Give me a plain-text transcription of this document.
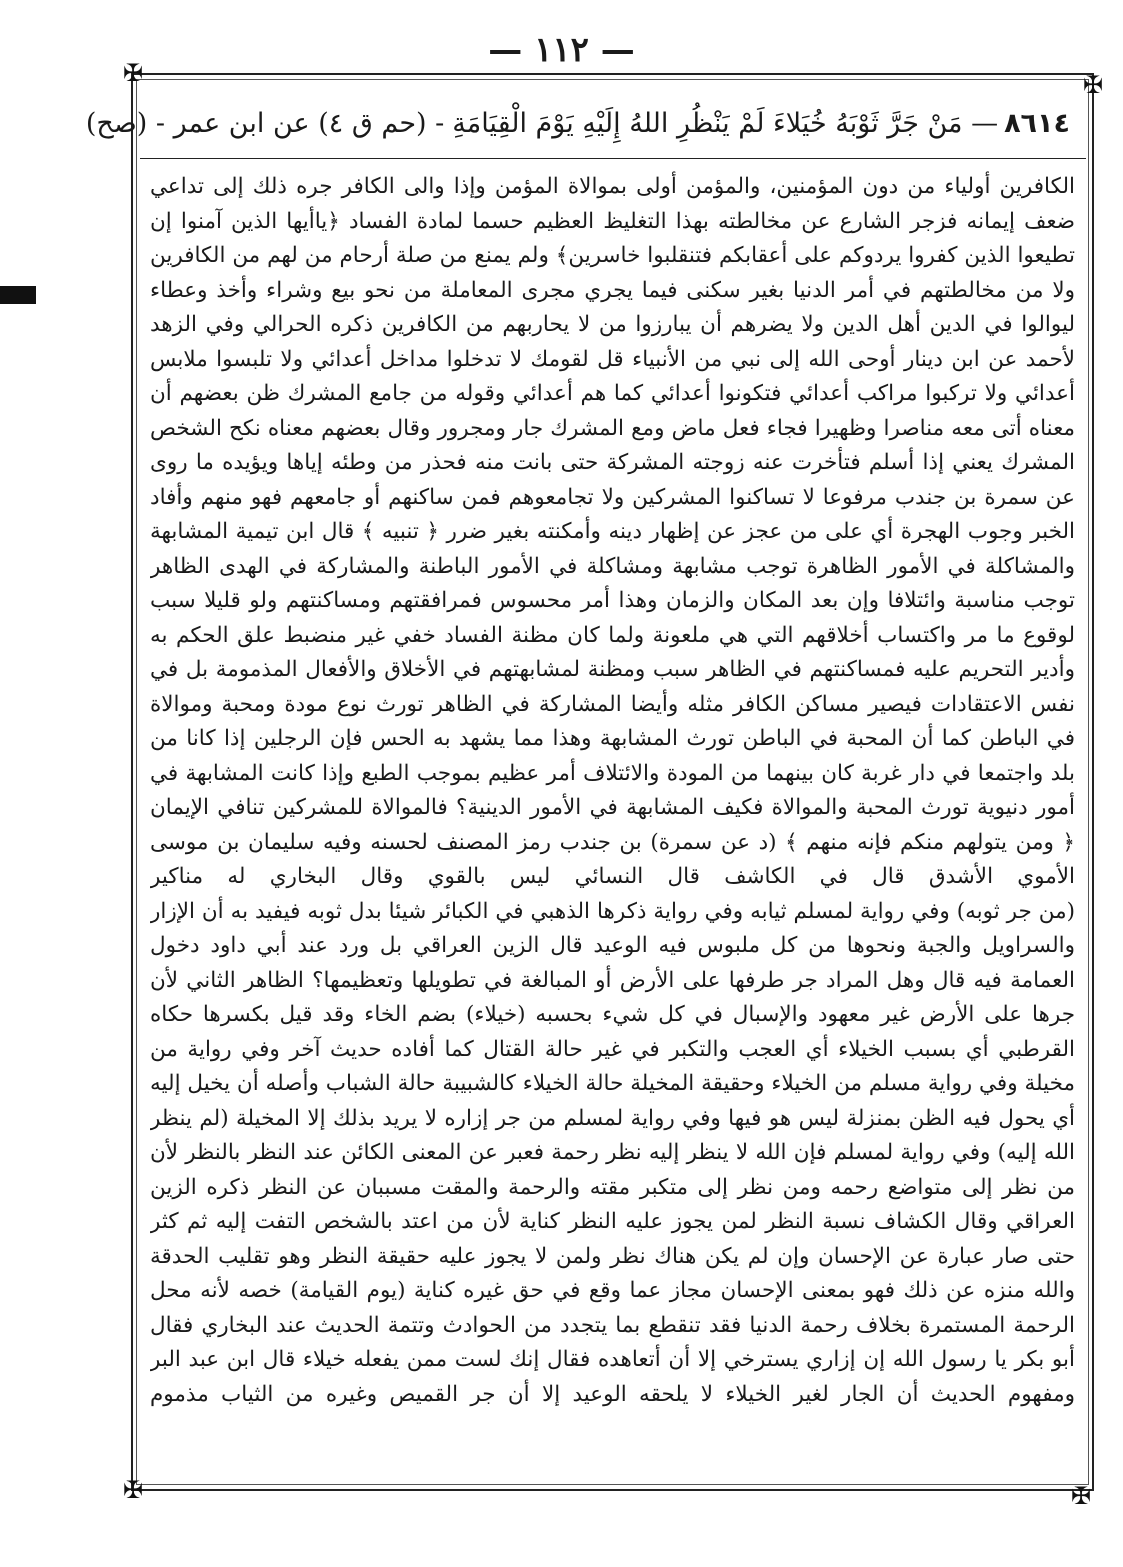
— ١١٢ —
✠	✠
✠	✠
٨٦١٤— مَنْ جَرَّ ثَوْبَهُ خُيَلاءَ لَمْ يَنْظُرِ اللهُ إِلَيْهِ يَوْمَ الْقِيَامَةِ- (حم ق ٤) عن ابن عمر - (صح)

الكافرين أولياء من دون المؤمنين، والمؤمن أولى بموالاة المؤمن وإذا والى الكافر جره ذلك إلى تداعي ضعف إيمانه فزجر الشارع عن مخالطته بهذا التغليظ العظيم حسما لمادة الفساد ﴿ياأيها الذين آمنوا إن تطيعوا الذين كفروا يردوكم على أعقابكم فتنقلبوا خاسرين﴾ ولم يمنع من صلة أرحام من لهم من الكافرين ولا من مخالطتهم في أمر الدنيا بغير سكنى فيما يجري مجرى المعاملة من نحو بيع وشراء وأخذ وعطاء ليوالوا في الدين أهل الدين ولا يضرهم أن يبارزوا من لا يحاربهم من الكافرين ذكره الحرالي وفي الزهد لأحمد عن ابن دينار أوحى الله إلى نبي من الأنبياء قل لقومك لا تدخلوا مداخل أعدائي ولا تلبسوا ملابس أعدائي ولا تركبوا مراكب أعدائي فتكونوا أعدائي كما هم أعدائي وقوله من جامع المشرك ظن بعضهم أن معناه أتى معه مناصرا وظهيرا فجاء فعل ماض ومع المشرك جار ومجرور وقال بعضهم معناه نكح الشخص المشرك يعني إذا أسلم فتأخرت عنه زوجته المشركة حتى بانت منه فحذر من وطئه إياها ويؤيده ما روى عن سمرة بن جندب مرفوعا لا تساكنوا المشركين ولا تجامعوهم فمن ساكنهم أو جامعهم فهو منهم وأفاد الخبر وجوب الهجرة أي على من عجز عن إظهار دينه وأمكنته بغير ضرر ﴿ تنبيه ﴾ قال ابن تيمية المشابهة والمشاكلة في الأمور الظاهرة توجب مشابهة ومشاكلة في الأمور الباطنة والمشاركة في الهدى الظاهر توجب مناسبة وائتلافا وإن بعد المكان والزمان وهذا أمر محسوس فمرافقتهم ومساكنتهم ولو قليلا سبب لوقوع ما مر واكتساب أخلاقهم التي هي ملعونة ولما كان مظنة الفساد خفي غير منضبط علق الحكم به وأدير التحريم عليه فمساكنتهم في الظاهر سبب ومظنة لمشابهتهم في الأخلاق والأفعال المذمومة بل في نفس الاعتقادات فيصير مساكن الكافر مثله وأيضا المشاركة في الظاهر تورث نوع مودة ومحبة وموالاة في الباطن كما أن المحبة في الباطن تورث المشابهة وهذا مما يشهد به الحس فإن الرجلين إذا كانا من بلد واجتمعا في دار غربة كان بينهما من المودة والائتلاف أمر عظيم بموجب الطبع وإذا كانت المشابهة في أمور دنيوية تورث المحبة والموالاة فكيف المشابهة في الأمور الدينية؟ فالموالاة للمشركين تنافي الإيمان ﴿ ومن يتولهم منكم فإنه منهم ﴾ (د عن سمرة) بن جندب رمز المصنف لحسنه وفيه سليمان بن موسى الأموي الأشدق قال في الكاشف قال النسائي ليس بالقوي وقال البخاري له مناكير

(من جر ثوبه) وفي رواية لمسلم ثيابه وفي رواية ذكرها الذهبي في الكبائر شيئا بدل ثوبه فيفيد به أن الإزار والسراويل والجبة ونحوها من كل ملبوس فيه الوعيد قال الزين العراقي بل ورد عند أبي داود دخول العمامة فيه قال وهل المراد جر طرفها على الأرض أو المبالغة في تطويلها وتعظيمها؟ الظاهر الثاني لأن جرها على الأرض غير معهود والإسبال في كل شيء بحسبه (خيلاء) بضم الخاء وقد قيل بكسرها حكاه القرطبي أي بسبب الخيلاء أي العجب والتكبر في غير حالة القتال كما أفاده حديث آخر وفي رواية من مخيلة وفي رواية مسلم من الخيلاء وحقيقة المخيلة حالة الخيلاء كالشبيبة حالة الشباب وأصله أن يخيل إليه أي يحول فيه الظن بمنزلة ليس هو فيها وفي رواية لمسلم من جر إزاره لا يريد بذلك إلا المخيلة (لم ينظر الله إليه) وفي رواية لمسلم فإن الله لا ينظر إليه نظر رحمة فعبر عن المعنى الكائن عند النظر بالنظر لأن من نظر إلى متواضع رحمه ومن نظر إلى متكبر مقته والرحمة والمقت مسببان عن النظر ذكره الزين العراقي وقال الكشاف نسبة النظر لمن يجوز عليه النظر كناية لأن من اعتد بالشخص التفت إليه ثم كثر حتى صار عبارة عن الإحسان وإن لم يكن هناك نظر ولمن لا يجوز عليه حقيقة النظر وهو تقليب الحدقة والله منزه عن ذلك فهو بمعنى الإحسان مجاز عما وقع في حق غيره كناية (يوم القيامة) خصه لأنه محل الرحمة المستمرة بخلاف رحمة الدنيا فقد تنقطع بما يتجدد من الحوادث وتتمة الحديث عند البخاري فقال أبو بكر يا رسول الله إن إزاري يسترخي إلا أن أتعاهده فقال إنك لست ممن يفعله خيلاء قال ابن عبد البر ومفهوم الحديث أن الجار لغير الخيلاء لا يلحقه الوعيد إلا أن جر القميص وغيره من الثياب مذموم
